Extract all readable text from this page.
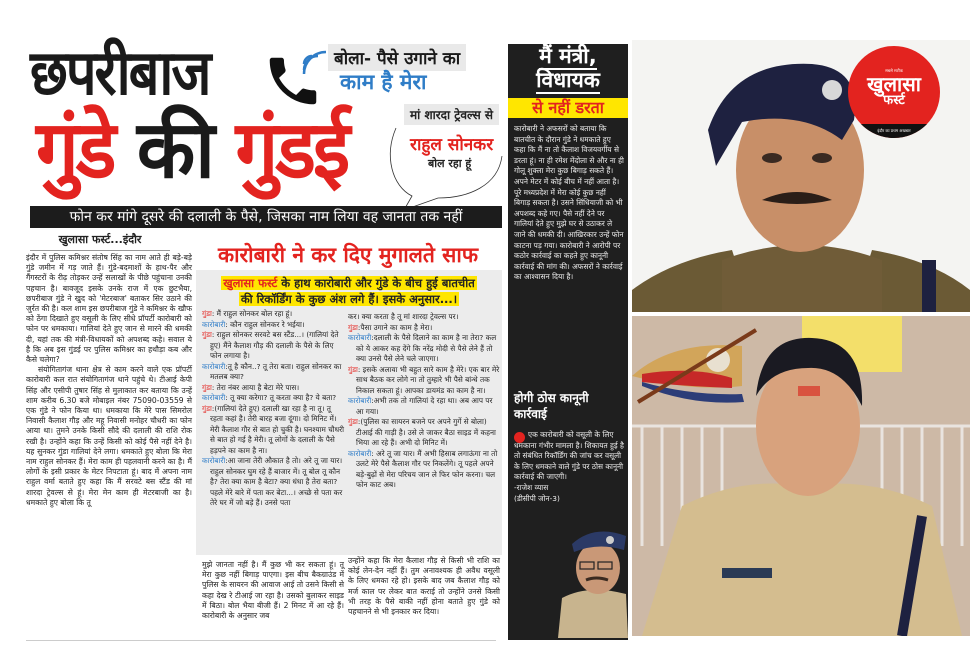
छपरीबाज
गुंडे की गुंडई
बोला- पैसे उगाने का
काम है मेरा
मां शारदा ट्रेवल्स से
राहुल सोनकर
बोल रहा हूं
फोन कर मांगे दूसरे की दलाली के पैसे, जिसका नाम लिया वह जानता तक नहीं
खुलासा फर्स्ट...इंदौर

इंदौर में पुलिस कमिश्नर संतोष सिंह का नाम आते ही बड़े-बड़े गुंडे जमीन में गड़ जाते हैं। गुंडे-बदमाशों के हाथ-पैर और गैंगस्टरों के रीढ़ तोड़कर उन्हें सलाखों के पीछे पहुंचाना उनकी पहचान है। बावजूद इसके उनके राज में एक छुटभैया, छपरीबाज गुंडे ने खुद को 'मेटरबाज' बताकर सिर उठाने की जुर्रत की है। कल शाम इस छपरीबाज गुंडे ने कमिश्नर के खौफ को ठेंगा दिखाते हुए वसूली के लिए सीधे प्रॉपर्टी कारोबारी को फोन पर धमकाया। गालियां देते हुए जान से मारने की धमकी दी, यहां तक की मंत्री-विधायकों को अपशब्द कहे। सवाल ये है कि अब इस गुंडई पर पुलिस कमिश्नर का हथौड़ा कब और कैसे चलेगा?

संयोगितागंज थाना क्षेत्र से काम करने वाले एक प्रॉपर्टी कारोबारी कल रात संयोगितागंज थाने पहुंचे थे। टीआई केपी सिंह और एसीपी तुषार सिंह से मुलाकात कर बताया कि उन्हें शाम करीब 6.30 बजे मोबाइल नंबर 75090-03559 से एक गुंडे ने फोन किया था। धमकाया कि मेरे पास सिमरोल निवासी कैलाश गौड़ और महू निवासी मनोहर चौधरी का फोन आया था। तुमने उनके किसी सौदे की दलाली की राशि रोक रखी है। उन्होंने कहा कि उन्हें किसी को कोई पैसे नहीं देने है। यह सुनकर गुंडा गालियां देने लगा। धमकाते हुए बोला कि मेरा नाम राहुल सोनकर हैं। मेरा काम ही पहलवानी करने का है। मैं लोगों के इसी प्रकार के मेटर निपटाता हूं। बाद में अपना नाम राहुल वर्मा बताते हुए कहा कि मैं सरवटे बस स्टैंड की मां शारदा ट्रेवल्स से हूं। मेरा मेन काम ही मेटरबाजी का है। धमकाते हुए बोला कि तू

कारोबारी ने कर दिए मुगालते साफ
खुलासा फर्स्ट के हाथ कारोबारी और गुंडे के बीच हुई बातचीत
की रिकॉर्डिंग के कुछ अंश लगे हैं। इसके अनुसार...।

गुंडा: मैं राहुल सोनकर बोल रहा हूं।

कारोबारी: कौन राहुल सोनकर रे भईया।

गुंडा: राहुल सोनकर सरवटे बस स्टैंड...। (गालियां देते हुए) मैंने कैलाश गौड़ की दलाली के पैसे के लिए फोन लगाया है।

कारोबारी:तू है कौन..? तू तेरा बता। राहुल सोनकर का मतलब क्या?

गुंडा: तेरा नंबर आया है बेटा मेरे पास।

कारोबारी: तू क्या करेगा? तू करता क्या है? ये बता?

गुंडा:(गालियां देते हुए) दलाली खा रहा है ना तू। तू रहता कहां है। तेरी बारह बजा दूंगा। दो मिनिट में। मेरी कैलाश गौर से बात हो चुकी है। घनश्याम चौधरी से बात हो गई है मेरी। तू लोगों के दलाली के पैसे हड़पने का काम है ना।

कारोबारी:आ जाना तेरी औकात है तो। अरे तू जा यार। राहुल सोनकर घुम रहे हैं बाजार में। तू बोल तू कौन है? तेरा क्या काम है बेटा? क्या धंधा है तेरा बता? पहले मेरे बारे में पता कर बेटा...। अच्छे से पता कर तेरे घर में जो बड़े हैं। उनसे पता

कर। क्या करता है तू मां शारदा ट्रेवल्स पर।

गुंडा:पैसा उगाने का काम है मेरा।

कारोबारी:दलाली के पैसे दिलाने का काम है ना तेरा? कल को ये आकर कह देंगे कि नरेंद्र मोदी से पैसे लेने हैं तो क्या उनसे पैसे लेने चले जाएगा।

गुंडा: इसके अलावा भी बहुत सारे काम है मेरे। एक बार मेरे साथ बैठक कर लोगे ना तो तुम्हारे भी पैसे बांन्धे तक निकाल सकता हूं। आपका डायमंड का काम है ना।

कारोबारी:अभी तक तो गालियां दे रहा था। अब आप पर आ गया।

गुंडा:(पुलिस का सायरन बजने पर अपने गुर्गे से बोला) टीआई की गाड़ी है। उसे ले जाकर बैठा साइड में कहना भिया आ रहे हैं। अभी दो मिनिट में।

कारोबारी: अरे तू जा यार। मैं अभी हिसाब लगाऊंगा ना तो उलटे मेरे पैसे कैलाश गौर पर निकलेंगे। तू पहले अपने बड़े-बुढ़ों से मेरा परिचय जान ले फिर फोन करना। चल फोन काट अब।

मुझे जानता नहीं है। मैं कुछ भी कर सकता हूं। तू मेरा कुछ नहीं बिगाड़ पाएगा। इस बीच बैकग्राउंड में पुलिस के सायरन की आवाज आई तो उसने किसी से कहा देख रे टीआई जा रहा है। उसको बुलाकर साइड में बिठा। बोल भैया बीजी हैं। 2 मिनट में आ रहे हैं। कारोबारी के अनुसार जब
उन्होंने कहा कि मेरा कैलाश गौड़ से किसी भी राशि का कोई लेन-देन नहीं हैं। तुम अनावश्यक ही अवैध वसूली के लिए धमका रहे हो। इसके बाद जब कैलाश गौड़ को मर्ज काल पर लेकर बात कराई तो उन्होंने उनसे किसी भी तरह के पैसे बाकी नहीं होना बताते हुए गुंडे को पहचानने से भी इनकार कर दिया।
मैं मंत्री,
विधायक
से नहीं डरता
कारोबारी ने अफसरों को बताया कि बातचीत के दौरान गुंडे ने धमकाते हुए कहा कि मैं ना तो कैलाश विजयवर्गीय से डरता हूं। ना ही रमेश मेंदोला से और ना ही गोलू शुक्ला मेरा कुछ बिगाड़ सकते हैं। अपने मेटर में कोई बीच में नहीं आता है। पूरे मध्यप्रदेश में मेरा कोई कुछ नहीं बिगाड़ सकता है। उसने सिंधियाजी को भी अपशब्द कहे गए। पैसे नहीं देने पर गालियां देते हुए मुझे घर से उठाकर ले जाने की धमकी दी। आखिरकार उन्हें फोन काटना पड़ गया। कारोबारी ने आरोपी पर कठोर कार्रवाई का कहते हुए कानूनी कार्रवाई की मांग की। अफसरों ने कार्रवाई का आश्वासन दिया है।
होगी ठोस कानूनी कार्रवाई
एक कारोबारी को वसूली के लिए धमकाना गंभीर मामला है। शिकायत हुई है तो संबंधित रिकॉर्डिंग की जांच कर वसूली के लिए धमकाने वाले गुंडे पर ठोस कानूनी कार्रवाई की जाएगी।
-राजेश व्यास
(डीसीपी जोन-3)
सबसे सटीक
खुलासा
फर्स्ट
इंदौर का प्रथम अखबार
